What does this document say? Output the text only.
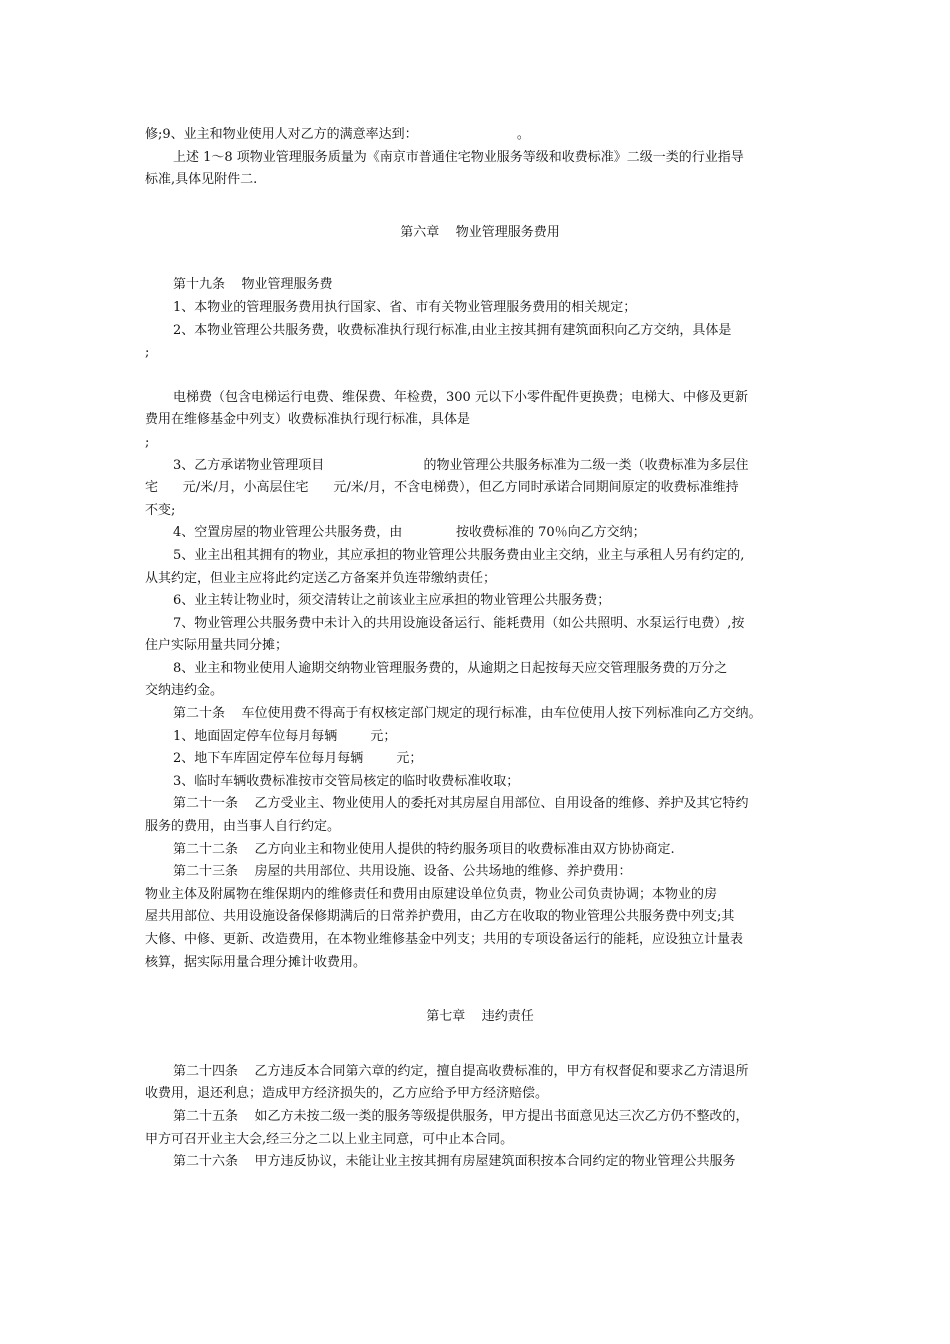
修;9、业主和物业使用人对乙方的满意率达到：                        。
上述 1～8 项物业管理服务质量为《南京市普通住宅物业服务等级和收费标准》二级一类的行业指导
标准,具体见附件二.
第六章    物业管理服务费用
第十九条    物业管理服务费
1、本物业的管理服务费用执行国家、省、市有关物业管理服务费用的相关规定；
2、本物业管理公共服务费，收费标准执行现行标准,由业主按其拥有建筑面积向乙方交纳，具体是
;
电梯费（包含电梯运行电费、维保费、年检费，300 元以下小零件配件更换费；电梯大、中修及更新
费用在维修基金中列支）收费标准执行现行标准，具体是
;
3、乙方承诺物业管理项目                        的物业管理公共服务标准为二级一类（收费标准为多层住
宅      元/米/月，小高层住宅      元/米/月，不含电梯费），但乙方同时承诺合同期间原定的收费标准维持
不变;
4、空置房屋的物业管理公共服务费，由             按收费标准的 70％向乙方交纳；
5、业主出租其拥有的物业，其应承担的物业管理公共服务费由业主交纳，业主与承租人另有约定的,
从其约定，但业主应将此约定送乙方备案并负连带缴纳责任；
6、业主转让物业时，须交清转让之前该业主应承担的物业管理公共服务费；
7、物业管理公共服务费中未计入的共用设施设备运行、能耗费用（如公共照明、水泵运行电费）,按
住户实际用量共同分摊；
8、业主和物业使用人逾期交纳物业管理服务费的，从逾期之日起按每天应交管理服务费的万分之
交纳违约金。
第二十条    车位使用费不得高于有权核定部门规定的现行标准，由车位使用人按下列标准向乙方交纳。
1、地面固定停车位每月每辆        元；
2、地下车库固定停车位每月每辆        元；
3、临时车辆收费标准按市交管局核定的临时收费标准收取；
第二十一条    乙方受业主、物业使用人的委托对其房屋自用部位、自用设备的维修、养护及其它特约
服务的费用，由当事人自行约定。
第二十二条    乙方向业主和物业使用人提供的特约服务项目的收费标准由双方协协商定.
第二十三条    房屋的共用部位、共用设施、设备、公共场地的维修、养护费用：
物业主体及附属物在维保期内的维修责任和费用由原建设单位负责，物业公司负责协调；本物业的房
屋共用部位、共用设施设备保修期满后的日常养护费用，由乙方在收取的物业管理公共服务费中列支;其
大修、中修、更新、改造费用，在本物业维修基金中列支；共用的专项设备运行的能耗，应设独立计量表
核算，据实际用量合理分摊计收费用。
第七章    违约责任
第二十四条    乙方违反本合同第六章的约定，擅自提高收费标准的，甲方有权督促和要求乙方清退所
收费用，退还利息；造成甲方经济损失的，乙方应给予甲方经济赔偿。
第二十五条    如乙方未按二级一类的服务等级提供服务，甲方提出书面意见达三次乙方仍不整改的，
甲方可召开业主大会,经三分之二以上业主同意，可中止本合同。
第二十六条    甲方违反协议，未能让业主按其拥有房屋建筑面积按本合同约定的物业管理公共服务
